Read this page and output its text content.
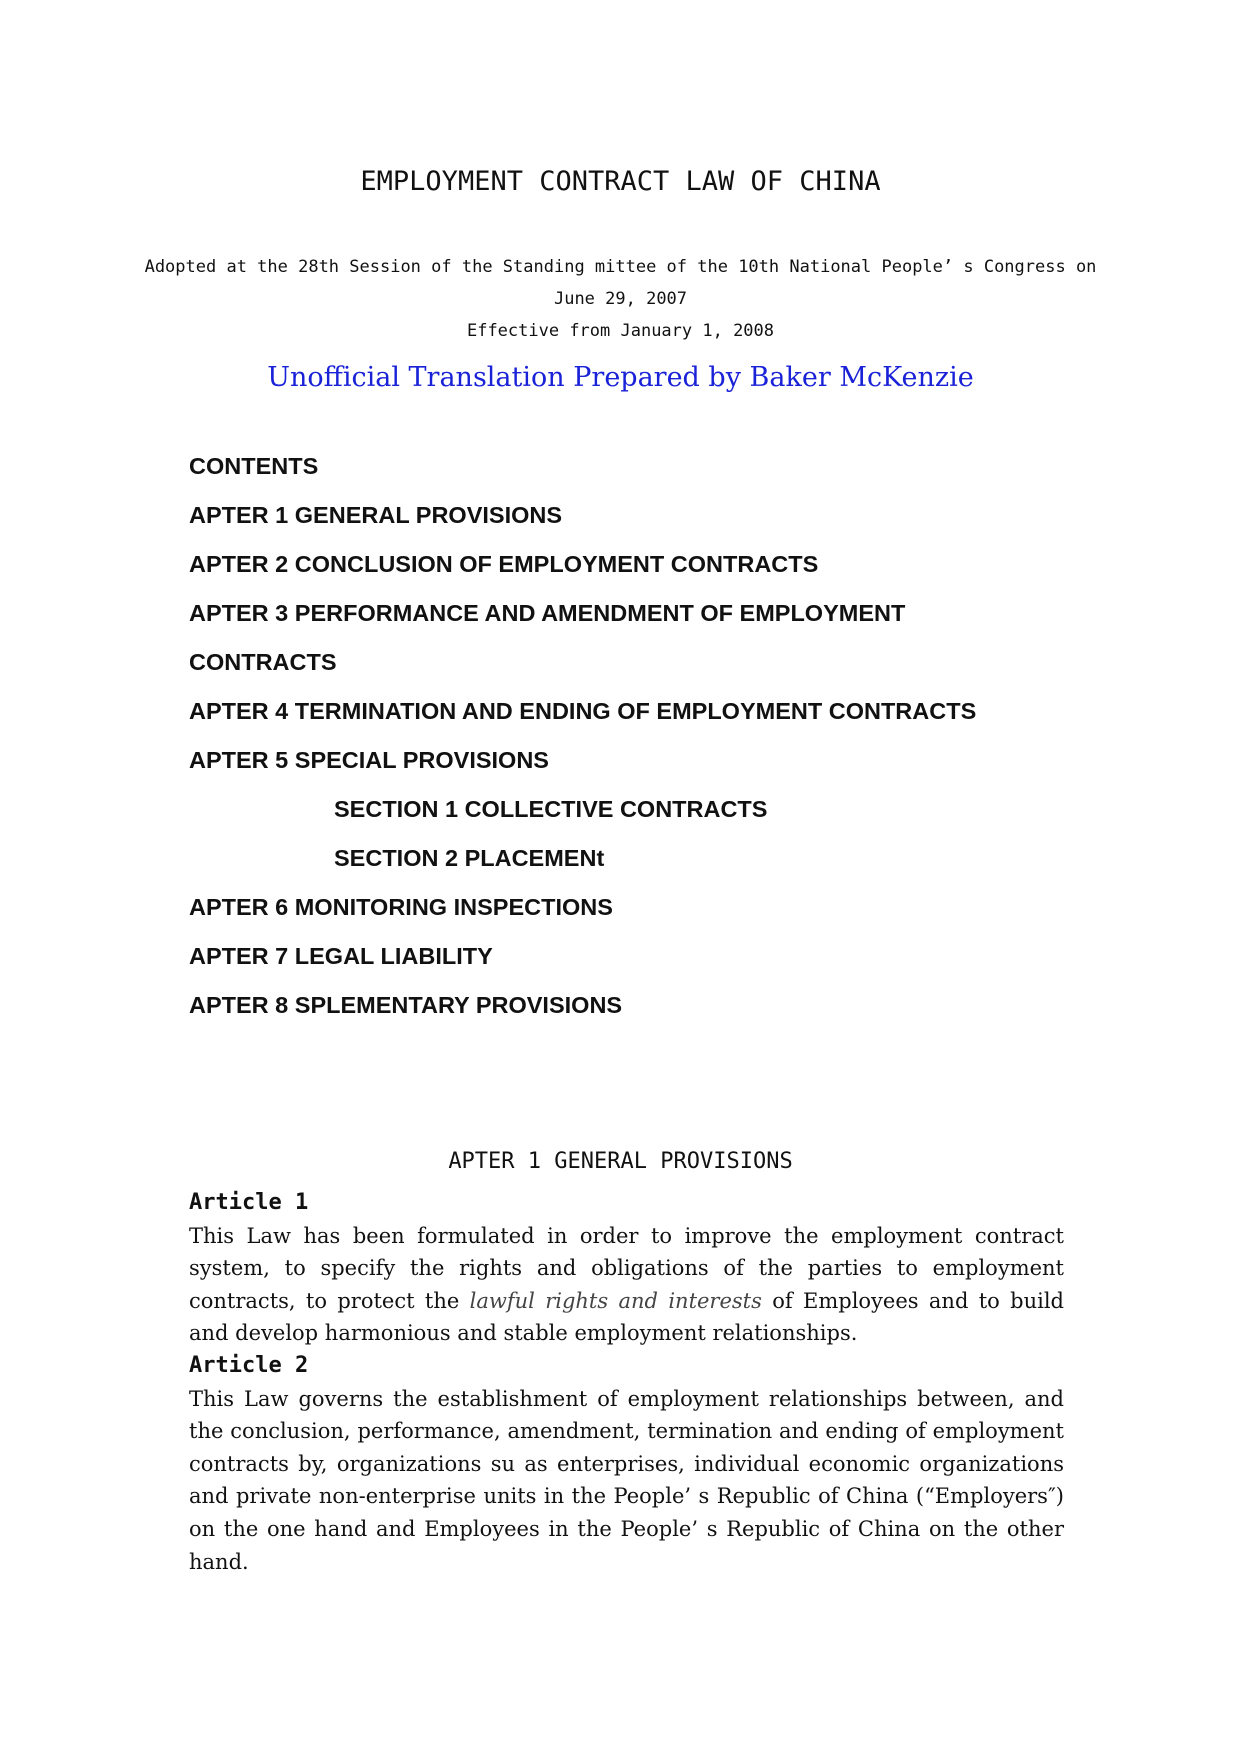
EMPLOYMENT CONTRACT LAW OF CHINA
Adopted at the 28th Session of the Standing mittee of the 10th National People’ s Congress on
June 29, 2007
Effective from January 1, 2008
Unofficial Translation Prepared by Baker McKenzie
CONTENTS
APTER 1 GENERAL PROVISIONS
APTER 2 CONCLUSION OF EMPLOYMENT CONTRACTS
APTER 3 PERFORMANCE AND AMENDMENT OF EMPLOYMENT
CONTRACTS
APTER 4 TERMINATION AND ENDING OF EMPLOYMENT CONTRACTS
APTER 5 SPECIAL PROVISIONS
SECTION 1 COLLECTIVE CONTRACTS
SECTION 2 PLACEMENt
APTER 6 MONITORING INSPECTIONS
APTER 7 LEGAL LIABILITY
APTER 8 SPLEMENTARY PROVISIONS
APTER 1 GENERAL PROVISIONS
Article 1
This Law has been formulated in order to improve the employment contract system, to specify the rights and obligations of the parties to employment contracts, to protect the lawful rights and interests of Employees and to build and develop harmonious and stable employment relationships.
Article 2
This Law governs the establishment of employment relationships between, and the conclusion, performance, amendment, termination and ending of employment contracts by, organizations su as enterprises, individual economic organizations and private non-enterprise units in the People’ s Republic of China (“Employers″) on the one hand and Employees in the People’ s Republic of China on the other hand.
